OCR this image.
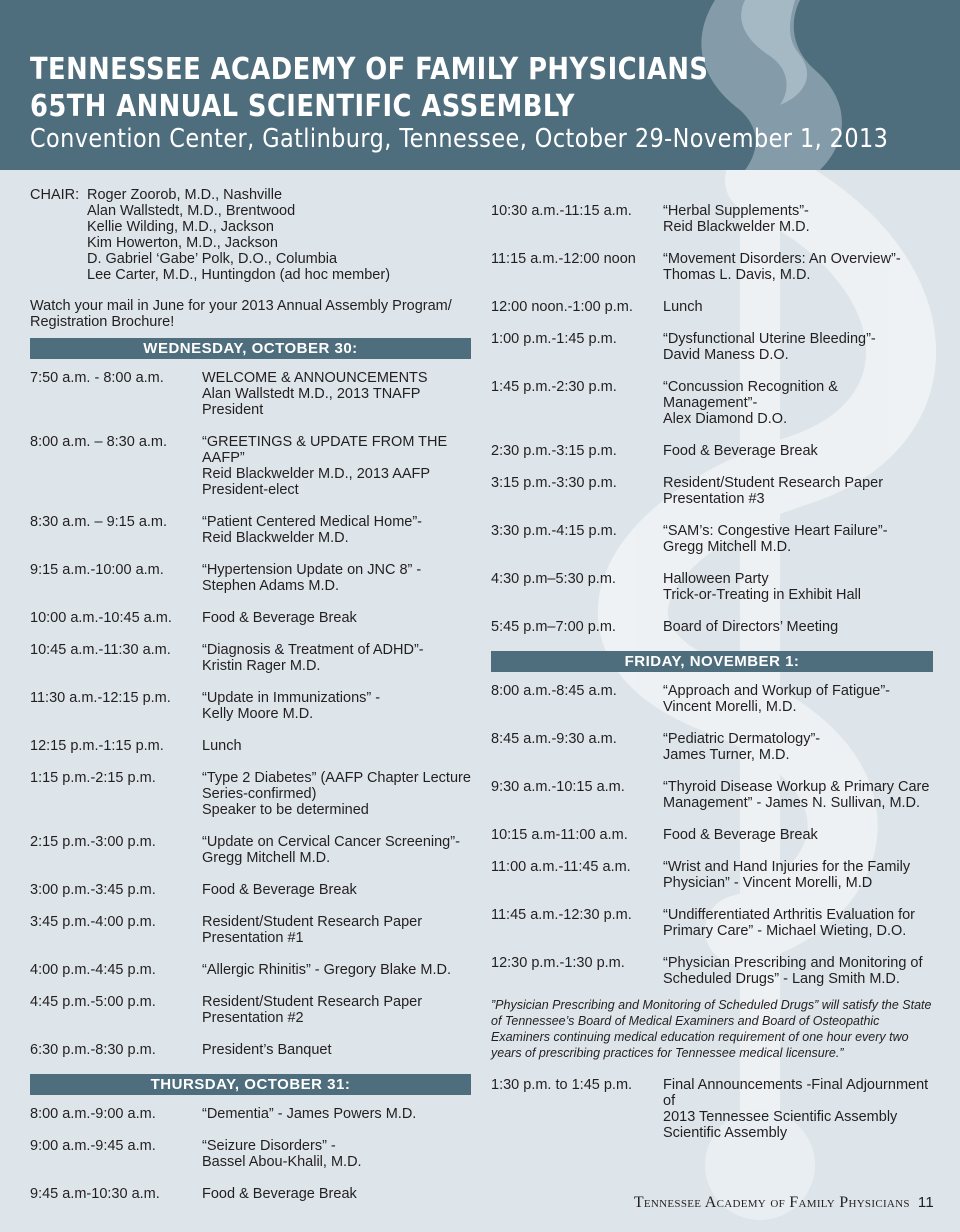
TENNESSEE ACADEMY OF FAMILY PHYSICIANS
65TH ANNUAL SCIENTIFIC ASSEMBLY
Convention Center, Gatlinburg, Tennessee, October 29-November 1, 2013
CHAIR: Roger Zoorob, M.D., Nashville
Alan Wallstedt, M.D., Brentwood
Kellie Wilding, M.D., Jackson
Kim Howerton, M.D., Jackson
D. Gabriel ‘Gabe’ Polk, D.O., Columbia
Lee Carter, M.D., Huntingdon (ad hoc member)
Watch your mail in June for your 2013 Annual Assembly Program/ Registration Brochure!
WEDNESDAY, OCTOBER 30:
7:50 a.m. - 8:00 a.m.	WELCOME & ANNOUNCEMENTS
Alan Wallstedt M.D., 2013 TNAFP President
8:00 a.m. – 8:30 a.m.	“GREETINGS & UPDATE FROM THE AAFP”
Reid Blackwelder M.D., 2013 AAFP
President-elect
8:30 a.m. – 9:15 a.m.	“Patient Centered Medical Home”-
Reid Blackwelder M.D.
9:15 a.m.-10:00 a.m.	“Hypertension Update on JNC 8” -
Stephen Adams M.D.
10:00 a.m.-10:45 a.m.	Food & Beverage Break
10:45 a.m.-11:30 a.m.	“Diagnosis & Treatment of ADHD”-
Kristin Rager M.D.
11:30 a.m.-12:15 p.m.	“Update in Immunizations” -
Kelly Moore M.D.
12:15 p.m.-1:15 p.m.	Lunch
1:15 p.m.-2:15 p.m.	“Type 2 Diabetes” (AAFP Chapter Lecture
Series-confirmed)
Speaker to be determined
2:15 p.m.-3:00 p.m.	“Update on Cervical Cancer Screening”-
Gregg Mitchell M.D.
3:00 p.m.-3:45 p.m.	Food & Beverage Break
3:45 p.m.-4:00 p.m.	Resident/Student Research Paper
Presentation #1
4:00 p.m.-4:45 p.m.	“Allergic Rhinitis” - Gregory Blake M.D.
4:45 p.m.-5:00 p.m.	Resident/Student Research Paper
Presentation #2
6:30 p.m.-8:30 p.m.	President’s Banquet
THURSDAY, OCTOBER 31:
8:00 a.m.-9:00 a.m.	“Dementia” - James Powers M.D.
9:00 a.m.-9:45 a.m.	“Seizure Disorders” -
Bassel Abou-Khalil, M.D.
9:45 a.m-10:30 a.m.	Food & Beverage Break
10:30 a.m.-11:15 a.m.	“Herbal Supplements”-
Reid Blackwelder M.D.
11:15 a.m.-12:00 noon	“Movement Disorders: An Overview”-
Thomas L. Davis, M.D.
12:00 noon.-1:00 p.m.	Lunch
1:00 p.m.-1:45 p.m.	“Dysfunctional Uterine Bleeding”-
David Maness D.O.
1:45 p.m.-2:30 p.m.	“Concussion Recognition & Management”-
Alex Diamond D.O.
2:30 p.m.-3:15 p.m.	Food & Beverage Break
3:15 p.m.-3:30 p.m.	Resident/Student Research Paper
Presentation #3
3:30 p.m.-4:15 p.m.	“SAM’s: Congestive Heart Failure”-
Gregg Mitchell M.D.
4:30 p.m–5:30 p.m.	Halloween Party
Trick-or-Treating in Exhibit Hall
5:45 p.m–7:00 p.m.	Board of Directors’ Meeting
FRIDAY, NOVEMBER 1:
8:00 a.m.-8:45 a.m.	“Approach and Workup of Fatigue”-
Vincent Morelli, M.D.
8:45 a.m.-9:30 a.m.	“Pediatric Dermatology”-
James Turner, M.D.
9:30 a.m.-10:15 a.m.	“Thyroid Disease Workup & Primary Care
Management” - James N. Sullivan, M.D.
10:15 a.m-11:00 a.m.	Food & Beverage Break
11:00 a.m.-11:45 a.m.	“Wrist and Hand Injuries for the Family
Physician” - Vincent Morelli, M.D
11:45 a.m.-12:30 p.m.	“Undifferentiated Arthritis Evaluation for
Primary Care” - Michael Wieting, D.O.
12:30 p.m.-1:30 p.m.	“Physician Prescribing and Monitoring of
Scheduled Drugs” - Lang Smith M.D.
”Physician Prescribing and Monitoring of Scheduled Drugs” will satisfy the State of Tennessee’s Board of Medical Examiners and Board of Osteopathic Examiners continuing medical education requirement of one hour every two years of prescribing practices for Tennessee medical licensure.”
1:30 p.m. to 1:45 p.m.	Final Announcements -Final Adjournment of
2013 Tennessee Scientific Assembly
Scientific Assembly
Tennessee Academy of Family Physicians 11
